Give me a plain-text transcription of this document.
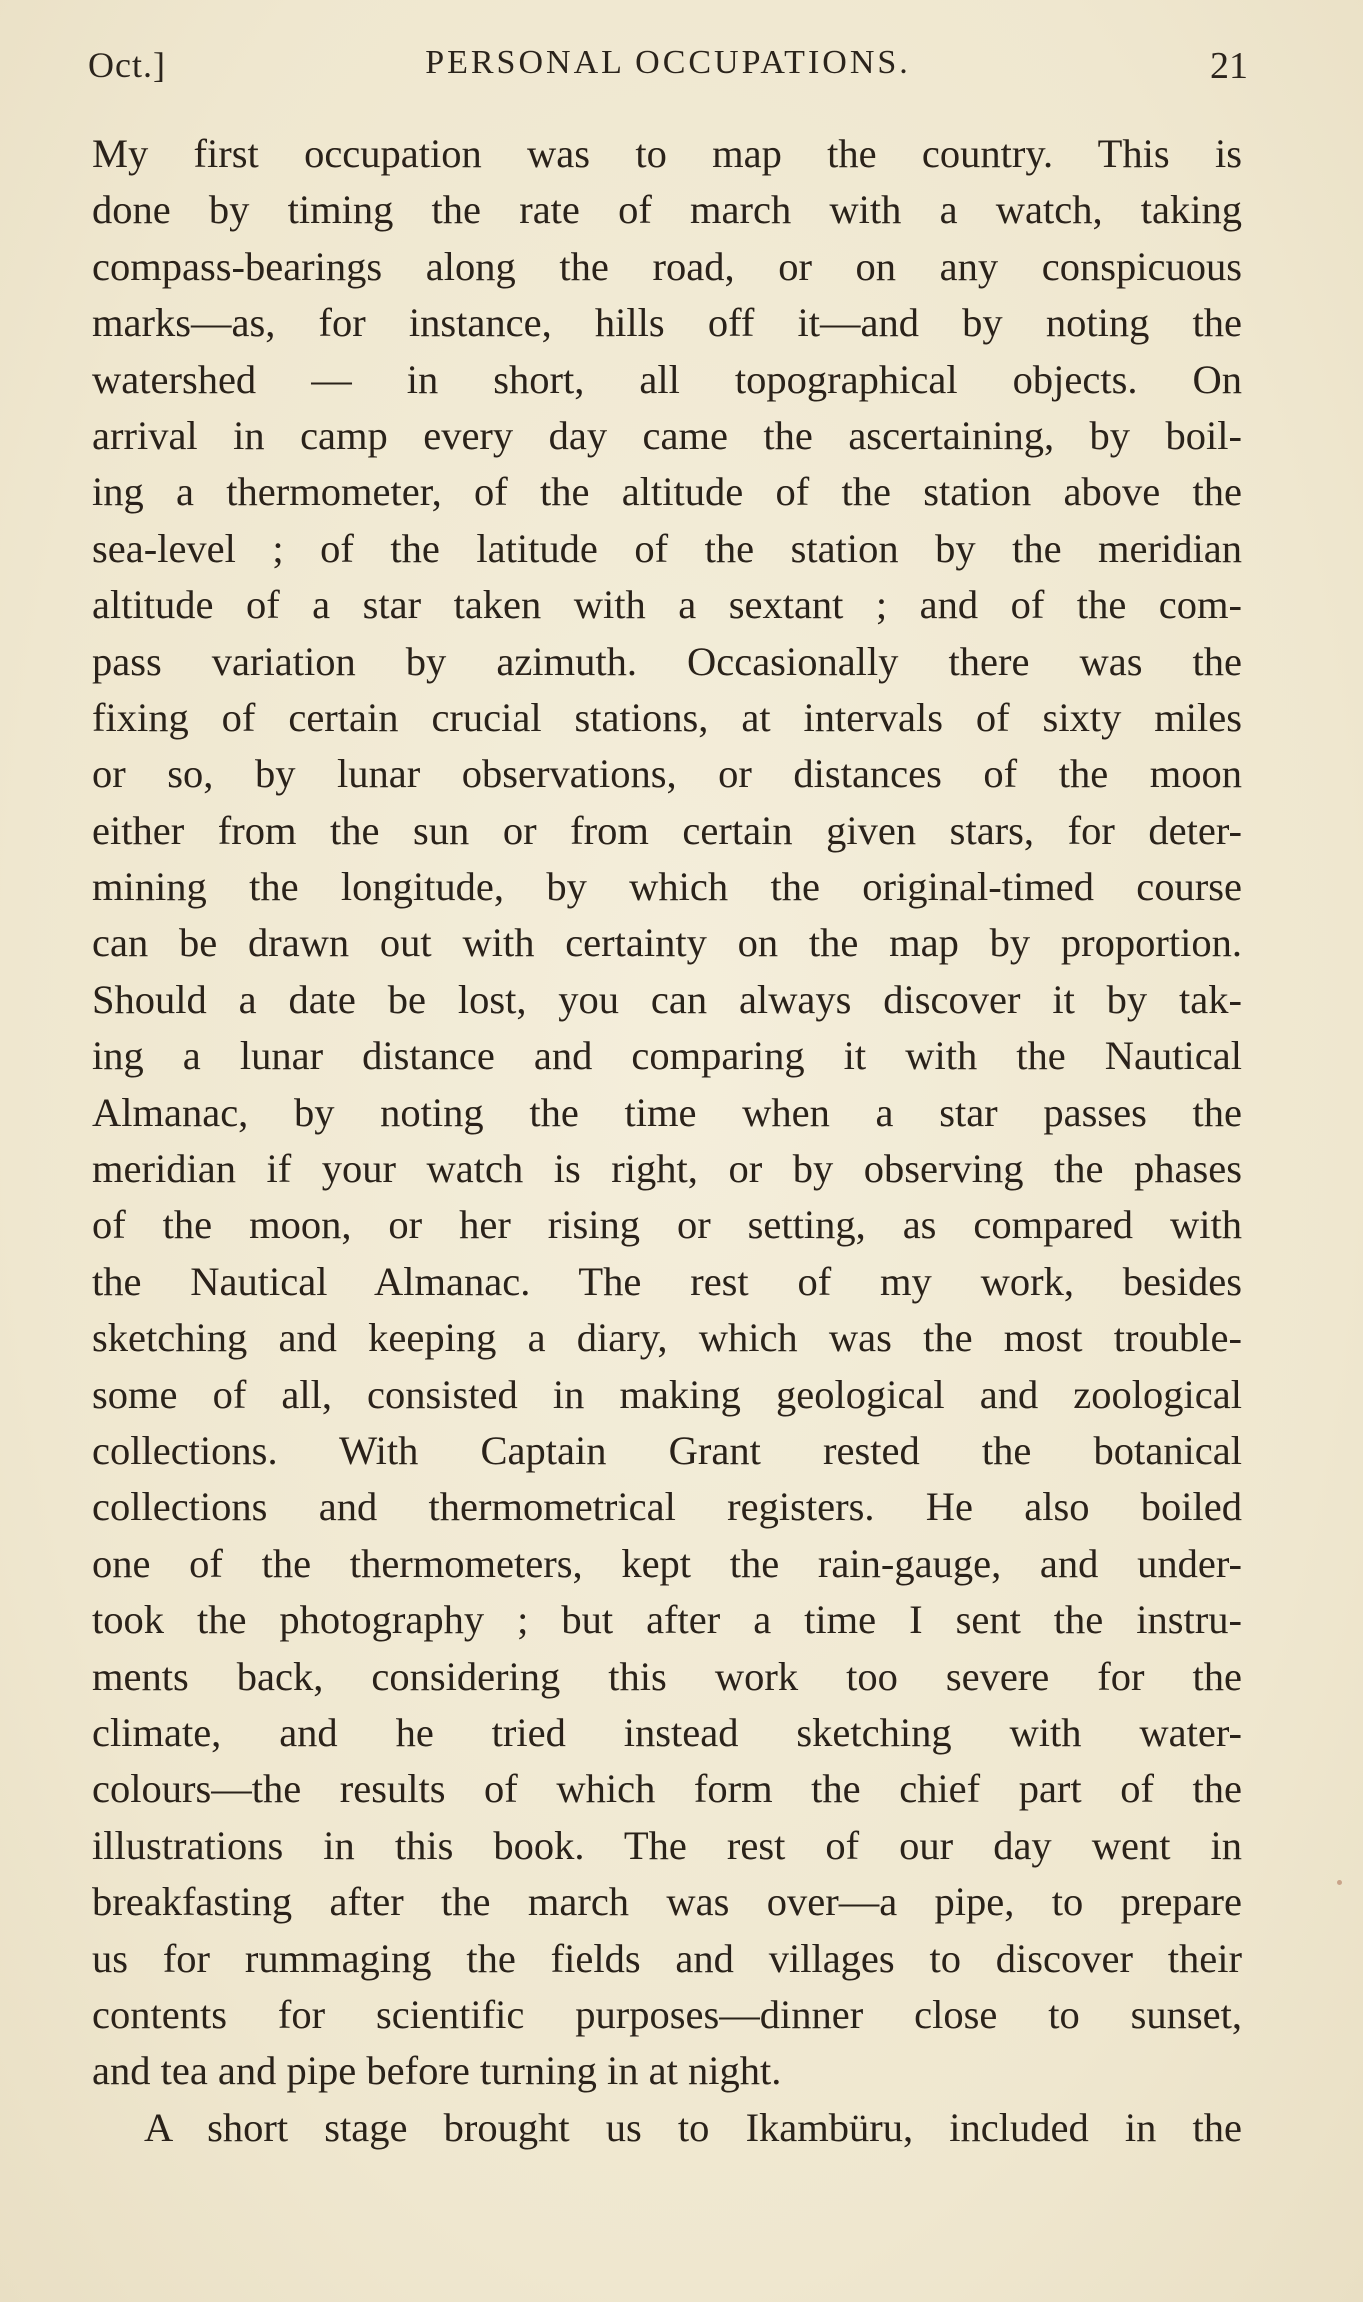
Oct.]	PERSONAL OCCUPATIONS.	21
My first occupation was to map the country. This is
done by timing the rate of march with a watch, taking
compass-bearings along the road, or on any conspicuous
marks—as, for instance, hills off it—and by noting the
watershed — in short, all topographical objects. On
arrival in camp every day came the ascertaining, by boil-
ing a thermometer, of the altitude of the station above the
sea-level ; of the latitude of the station by the meridian
altitude of a star taken with a sextant ; and of the com-
pass variation by azimuth. Occasionally there was the
fixing of certain crucial stations, at intervals of sixty miles
or so, by lunar observations, or distances of the moon
either from the sun or from certain given stars, for deter-
mining the longitude, by which the original-timed course
can be drawn out with certainty on the map by proportion.
Should a date be lost, you can always discover it by tak-
ing a lunar distance and comparing it with the Nautical
Almanac, by noting the time when a star passes the
meridian if your watch is right, or by observing the phases
of the moon, or her rising or setting, as compared with
the Nautical Almanac. The rest of my work, besides
sketching and keeping a diary, which was the most trouble-
some of all, consisted in making geological and zoological
collections. With Captain Grant rested the botanical
collections and thermometrical registers. He also boiled
one of the thermometers, kept the rain-gauge, and under-
took the photography ; but after a time I sent the instru-
ments back, considering this work too severe for the
climate, and he tried instead sketching with water-
colours—the results of which form the chief part of the
illustrations in this book. The rest of our day went in
breakfasting after the march was over—a pipe, to prepare
us for rummaging the fields and villages to discover their
contents for scientific purposes—dinner close to sunset,
and tea and pipe before turning in at night.
A short stage brought us to Ikambüru, included in the
